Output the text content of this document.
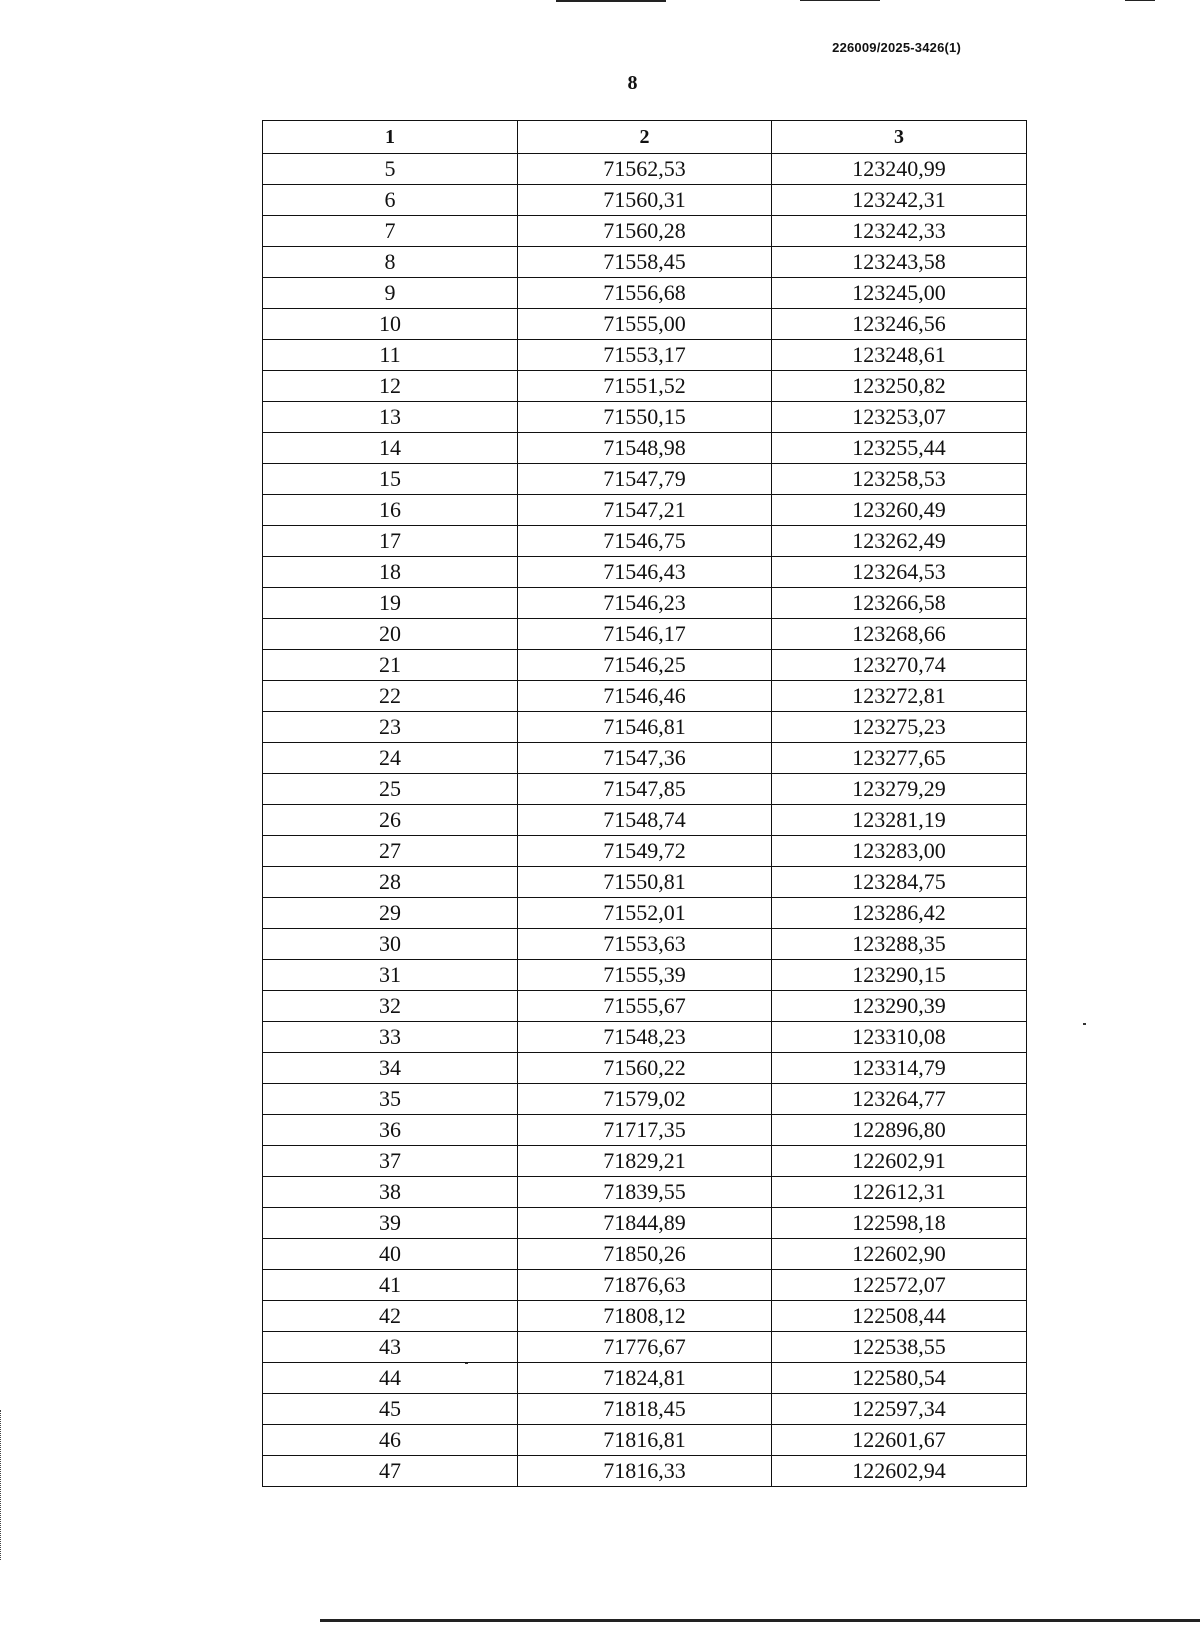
226009/2025-3426(1)
8
1	2	3
5	71562,53	123240,99
6	71560,31	123242,31
7	71560,28	123242,33
8	71558,45	123243,58
9	71556,68	123245,00
10	71555,00	123246,56
11	71553,17	123248,61
12	71551,52	123250,82
13	71550,15	123253,07
14	71548,98	123255,44
15	71547,79	123258,53
16	71547,21	123260,49
17	71546,75	123262,49
18	71546,43	123264,53
19	71546,23	123266,58
20	71546,17	123268,66
21	71546,25	123270,74
22	71546,46	123272,81
23	71546,81	123275,23
24	71547,36	123277,65
25	71547,85	123279,29
26	71548,74	123281,19
27	71549,72	123283,00
28	71550,81	123284,75
29	71552,01	123286,42
30	71553,63	123288,35
31	71555,39	123290,15
32	71555,67	123290,39
33	71548,23	123310,08
34	71560,22	123314,79
35	71579,02	123264,77
36	71717,35	122896,80
37	71829,21	122602,91
38	71839,55	122612,31
39	71844,89	122598,18
40	71850,26	122602,90
41	71876,63	122572,07
42	71808,12	122508,44
43	71776,67	122538,55
44	71824,81	122580,54
45	71818,45	122597,34
46	71816,81	122601,67
47	71816,33	122602,94
